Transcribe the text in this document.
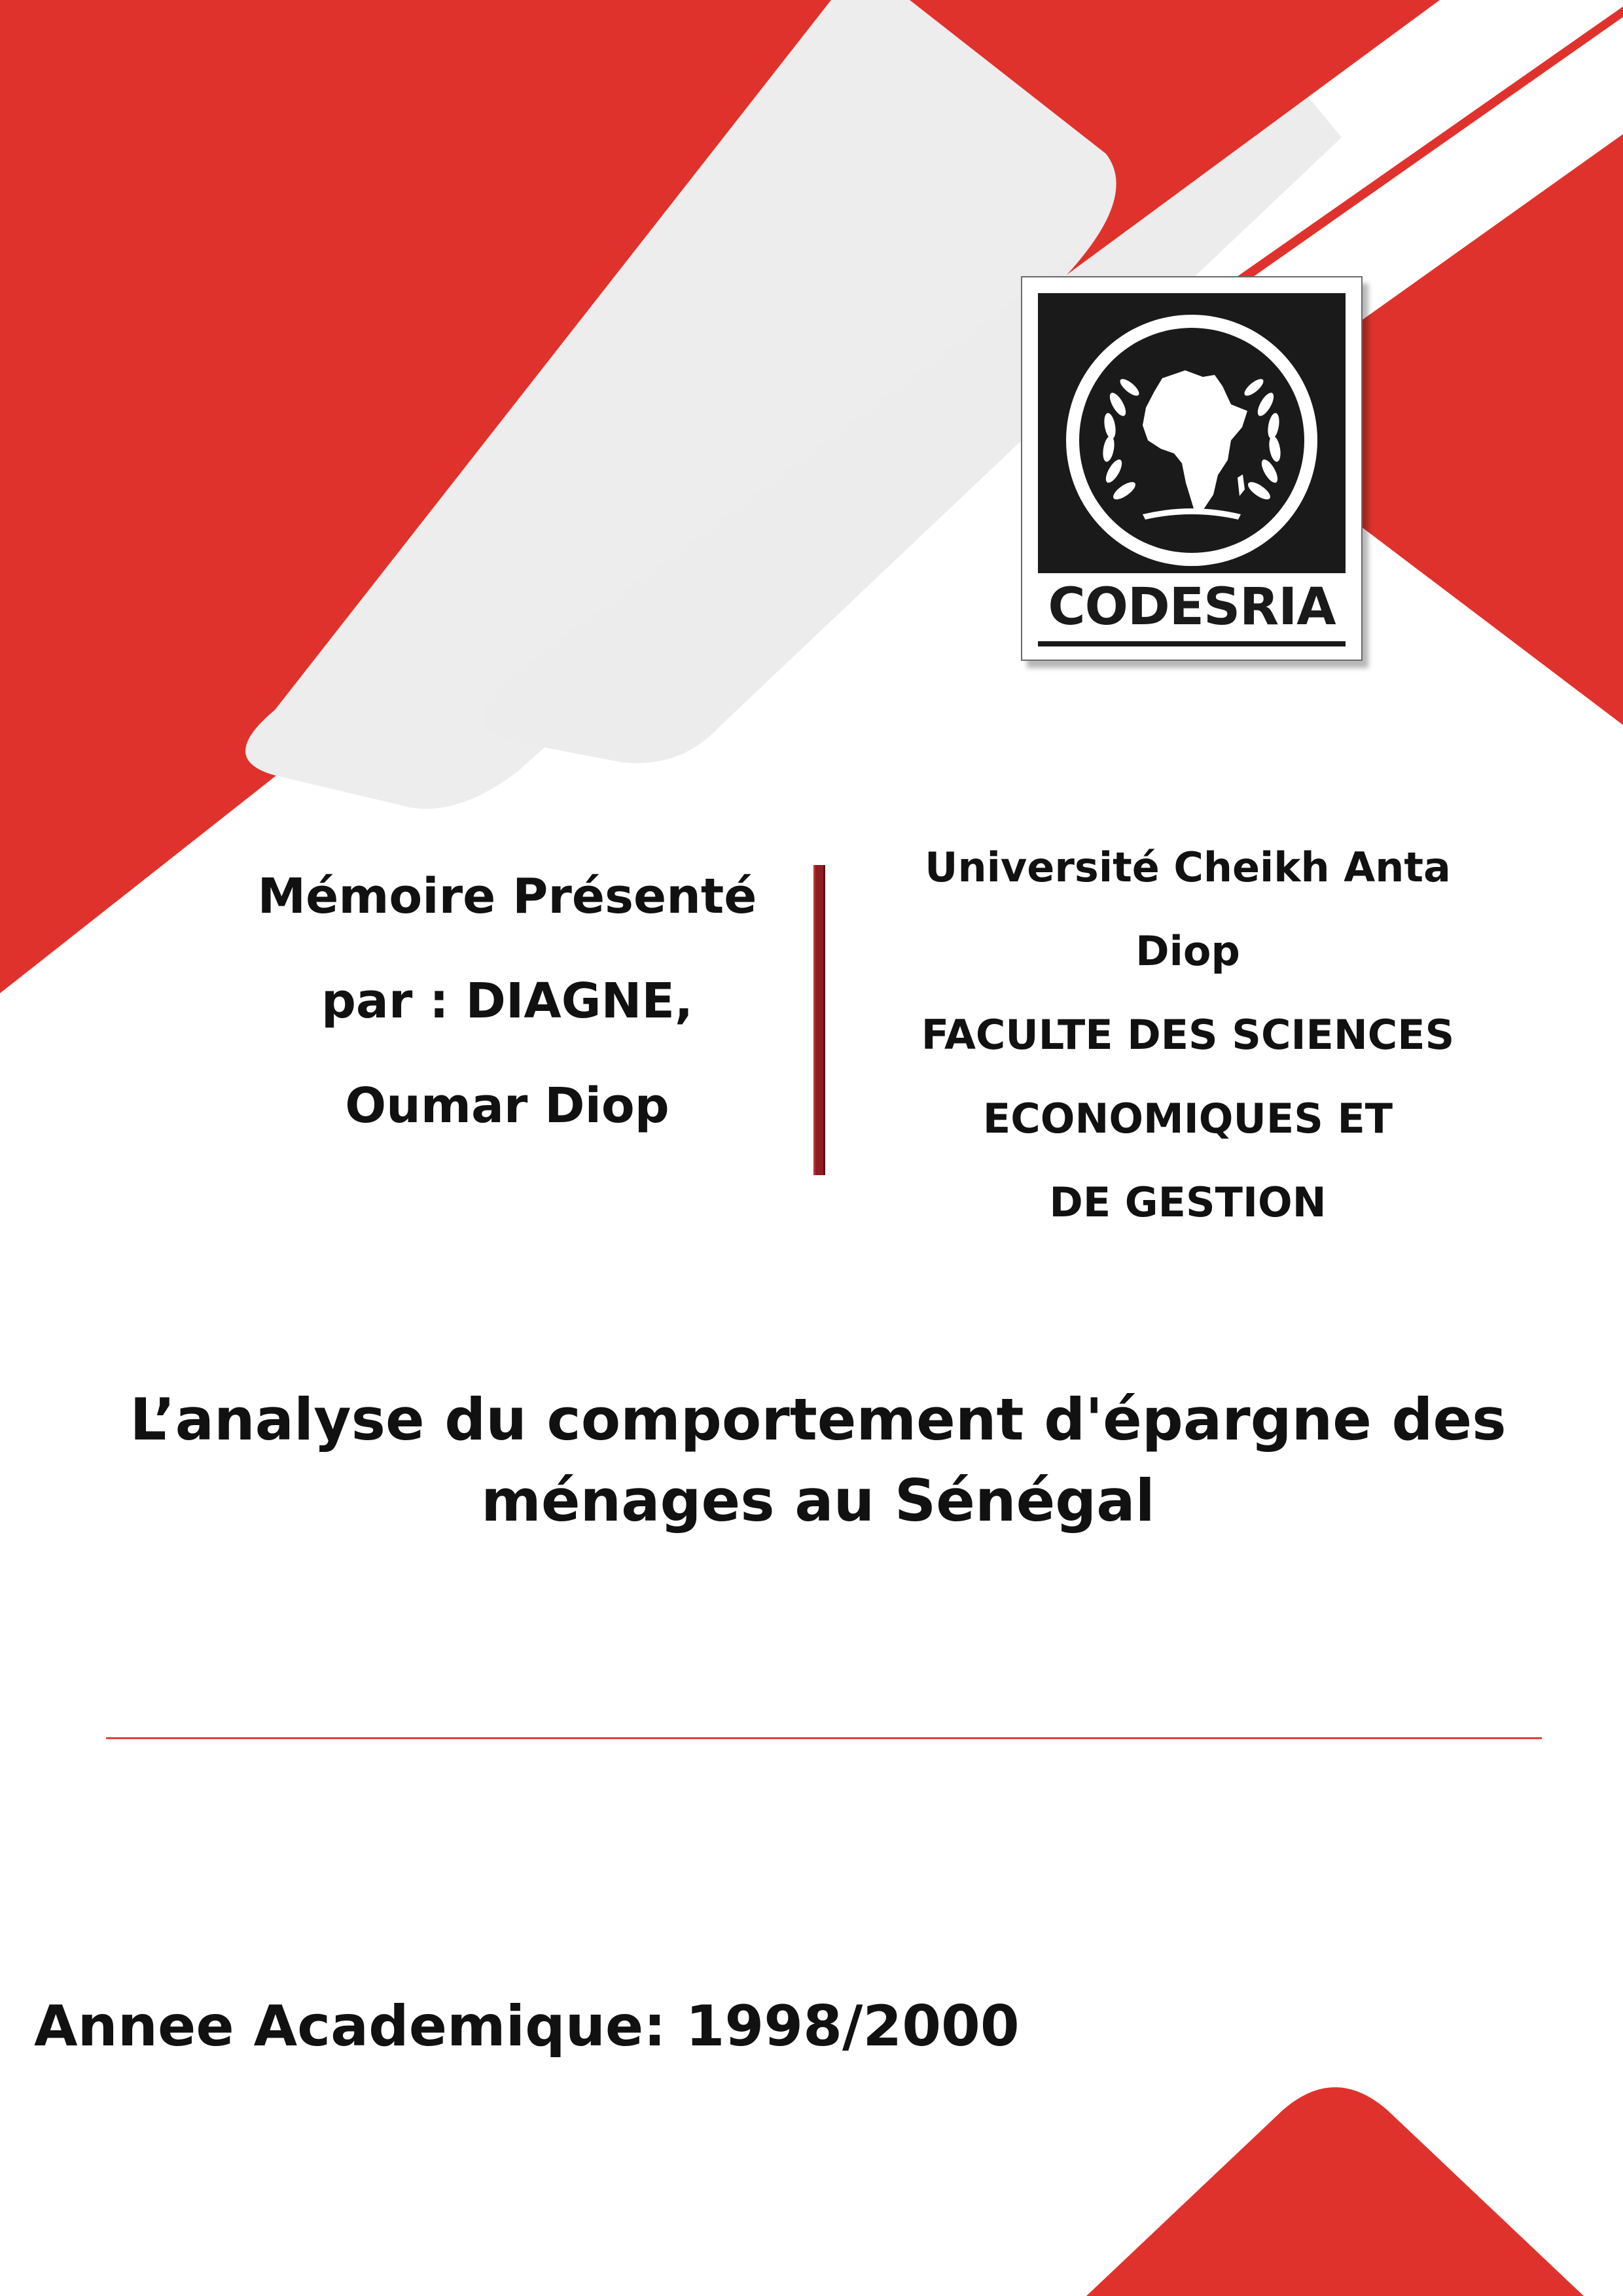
CODESRIA
Mémoire Présenté
par : DIAGNE,
Oumar Diop
Université Cheikh Anta
Diop
FACULTE DES SCIENCES
ECONOMIQUES ET
DE GESTION
L’analyse du comportement d'épargne des
ménages au Sénégal
Annee Academique: 1998/2000
